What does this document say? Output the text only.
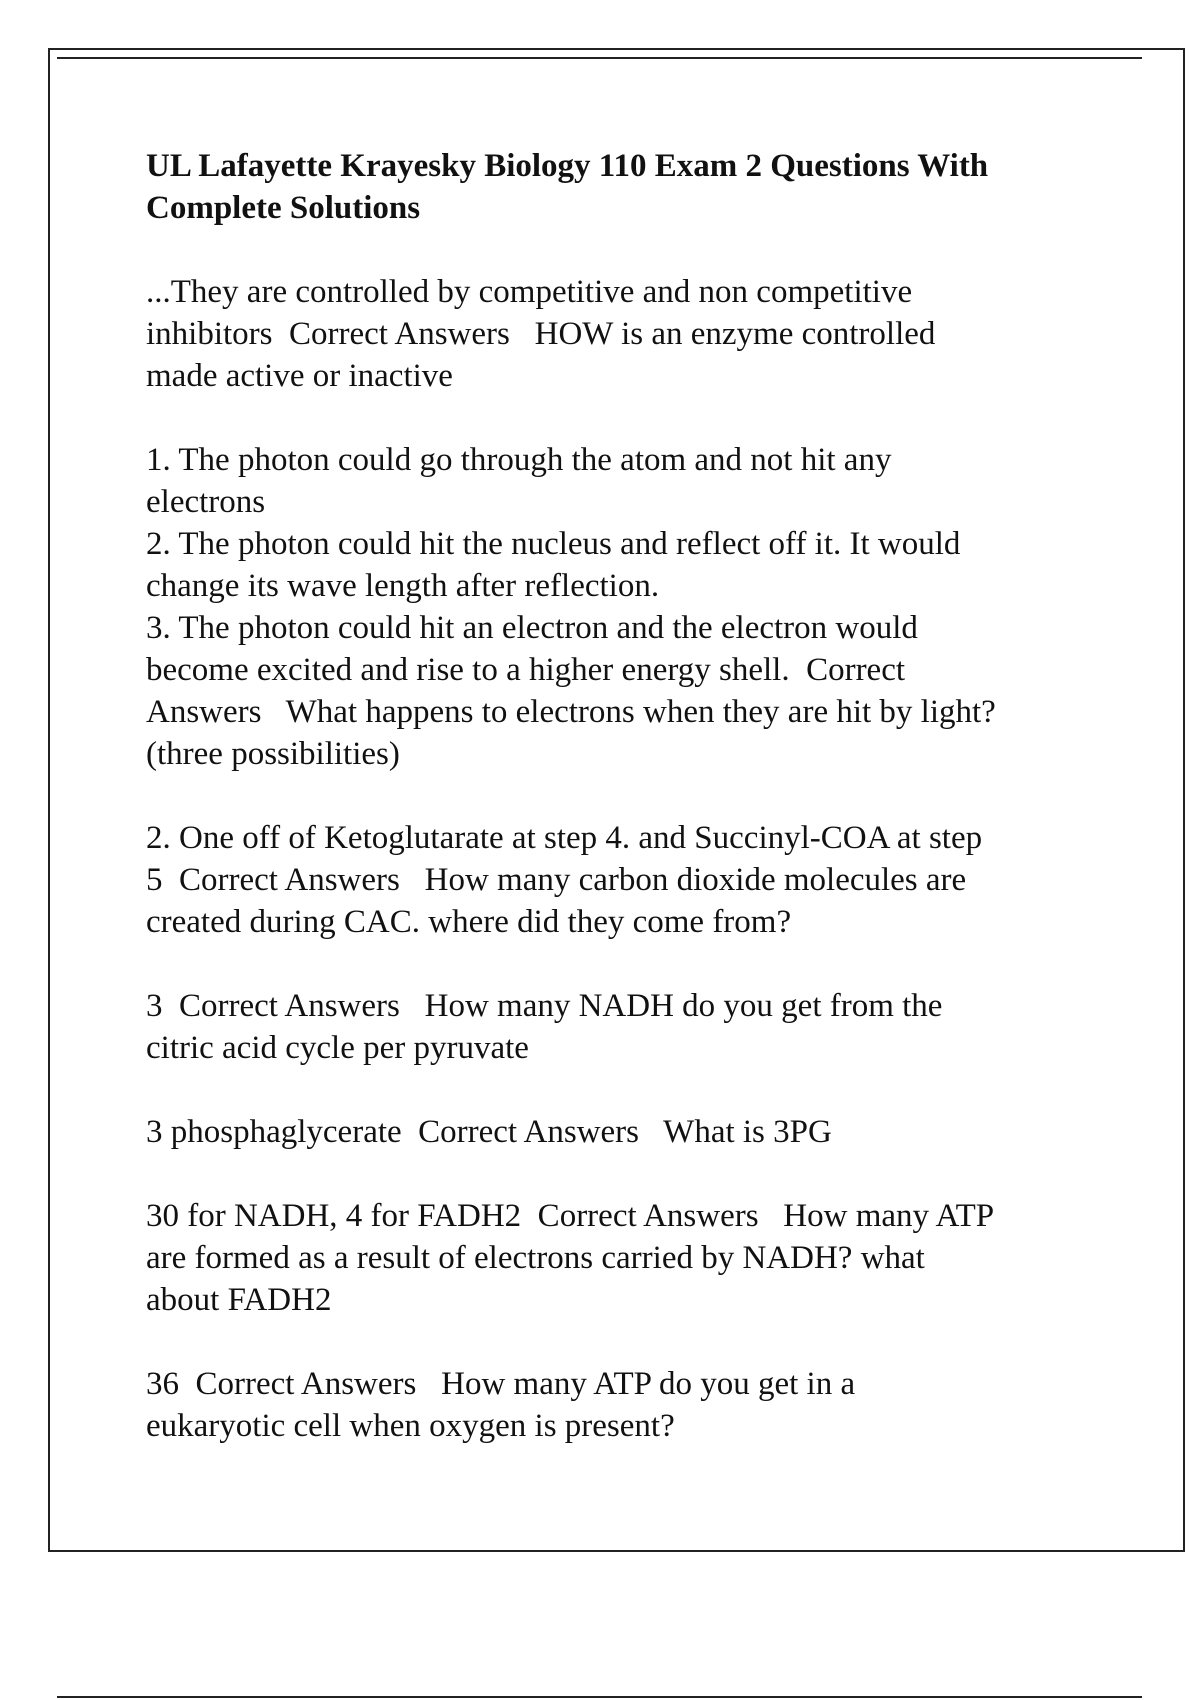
UL Lafayette Krayesky Biology 110 Exam 2 Questions With
Complete Solutions

...They are controlled by competitive and non competitive
inhibitors  Correct Answers   HOW is an enzyme controlled
made active or inactive

1. The photon could go through the atom and not hit any
electrons
2. The photon could hit the nucleus and reflect off it. It would
change its wave length after reflection.
3. The photon could hit an electron and the electron would
become excited and rise to a higher energy shell.  Correct
Answers   What happens to electrons when they are hit by light?
(three possibilities)

2. One off of Ketoglutarate at step 4. and Succinyl-COA at step
5  Correct Answers   How many carbon dioxide molecules are
created during CAC. where did they come from?

3  Correct Answers   How many NADH do you get from the
citric acid cycle per pyruvate

3 phosphaglycerate  Correct Answers   What is 3PG

30 for NADH, 4 for FADH2  Correct Answers   How many ATP
are formed as a result of electrons carried by NADH? what
about FADH2

36  Correct Answers   How many ATP do you get in a
eukaryotic cell when oxygen is present?
